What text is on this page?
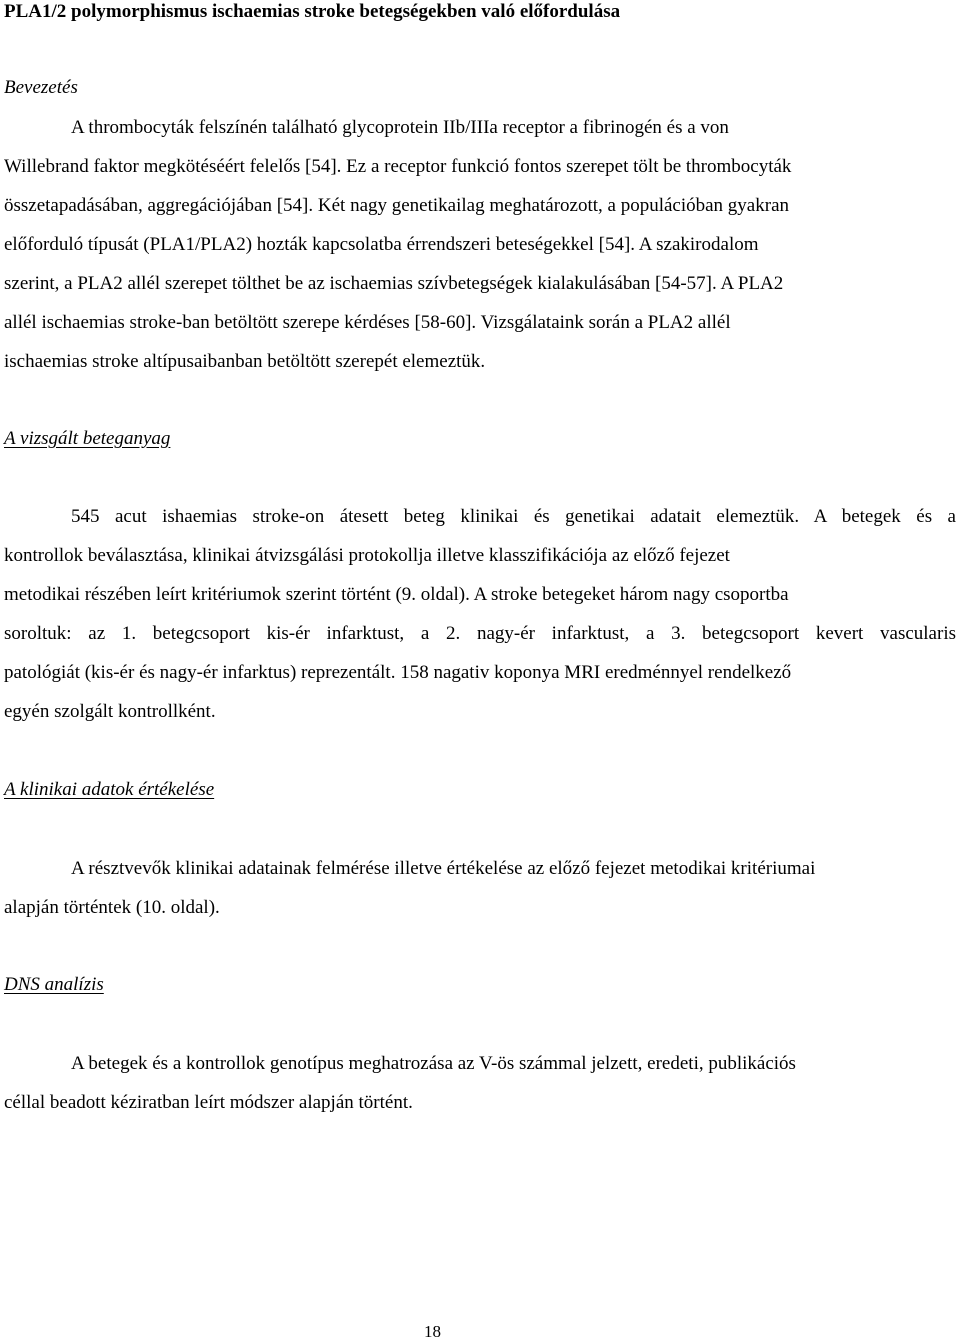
PLA1/2 polymorphismus ischaemias stroke betegségekben való előfordulása
Bevezetés
A thrombocyták felszínén található glycoprotein IIb/IIIa receptor a fibrinogén és a von
Willebrand faktor megkötéséért felelős [54]. Ez a receptor funkció fontos szerepet tölt be thrombocyták
összetapadásában, aggregációjában [54]. Két nagy genetikailag meghatározott, a populációban gyakran
előforduló típusát (PLA1/PLA2) hozták kapcsolatba érrendszeri beteségekkel [54]. A szakirodalom
szerint, a PLA2 allél szerepet tölthet be az ischaemias szívbetegségek kialakulásában [54-57]. A PLA2
allél ischaemias stroke-ban betöltött szerepe kérdéses [58-60]. Vizsgálataink során a PLA2 allél
ischaemias stroke altípusaibanban betöltött szerepét elemeztük.
A vizsgált beteganyag
545 acut ishaemias stroke-on átesett beteg klinikai és genetikai adatait elemeztük. A betegek és a
kontrollok beválasztása, klinikai átvizsgálási protokollja illetve klasszifikációja az előző fejezet
metodikai részében leírt kritériumok szerint történt (9. oldal). A stroke betegeket három nagy csoportba
soroltuk: az 1. betegcsoport kis-ér infarktust, a 2. nagy-ér infarktust, a 3. betegcsoport kevert vascularis
patológiát (kis-ér és nagy-ér infarktus) reprezentált. 158 nagativ koponya MRI eredménnyel rendelkező
egyén szolgált kontrollként.
A klinikai adatok értékelése
A résztvevők klinikai adatainak felmérése illetve értékelése az előző fejezet metodikai kritériumai
alapján történtek (10. oldal).
DNS analízis
A betegek és a kontrollok genotípus meghatrozása az V-ös számmal jelzett, eredeti, publikációs
céllal beadott kéziratban leírt módszer alapján történt.
18
